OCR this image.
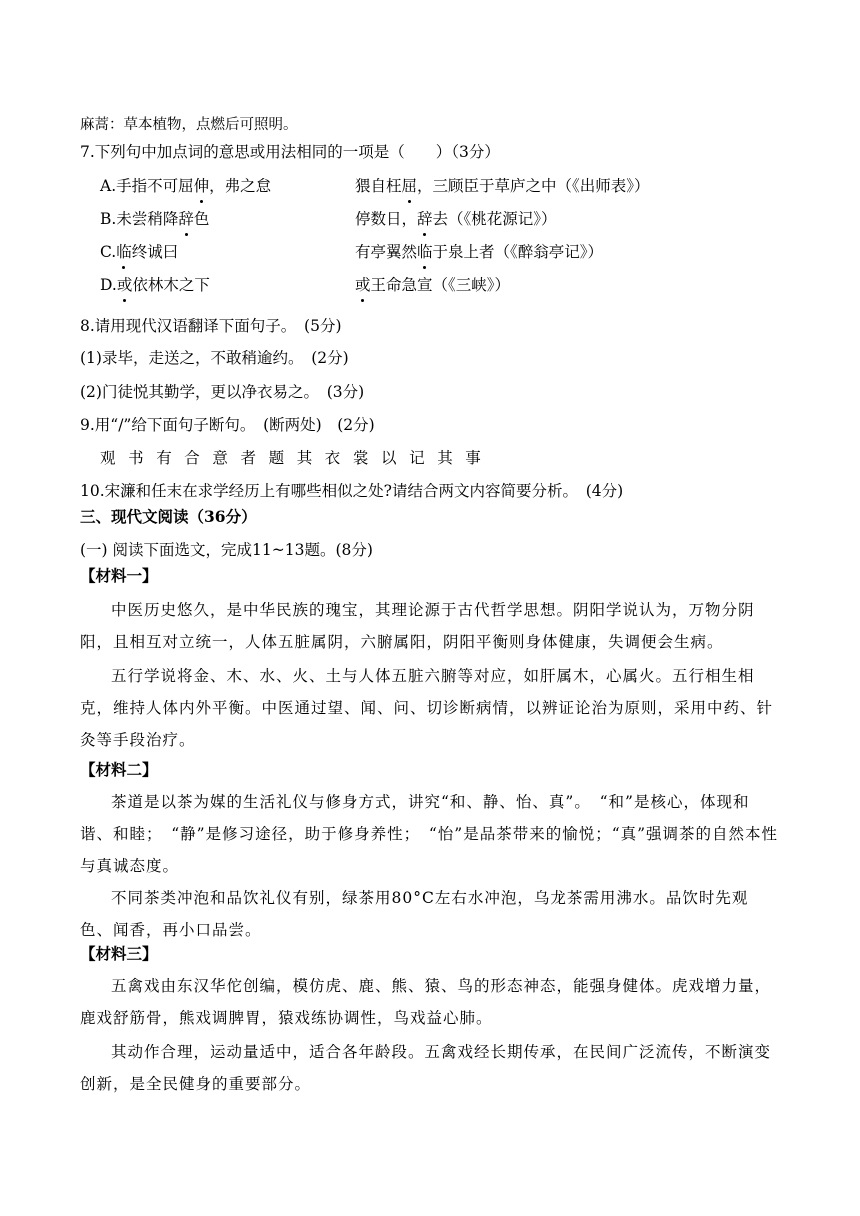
麻蒿：草本植物，点燃后可照明。
7.下列句中加点词的意思或用法相同的一项是（　　）（3分）
A.手指不可屈伸，弗之怠	猥自枉屈，三顾臣于草庐之中（《出师表》）
B.未尝稍降辞色	停数日，辞去（《桃花源记》）
C.临终诚曰	有亭翼然临于泉上者（《醉翁亭记》）
D.或依林木之下	或王命急宣（《三峡》）
8.请用现代汉语翻译下面句子。　(5分)
(1)录毕，走送之，不敢稍逾约。　(2分)
(2)门徒悦其勤学，更以净衣易之。　(3分)
9.用“/”给下面句子断句。　(断两处)　(2分)
观书有合意者题其衣裳以记其事
10.宋濂和任末在求学经历上有哪些相似之处?请结合两文内容简要分析。　(4分)
三、现代文阅读（36分）
(一) 阅读下面选文，完成11~13题。(8分)
【材料一】
中医历史悠久，是中华民族的瑰宝，其理论源于古代哲学思想。阴阳学说认为，万物分阴阳，且相互对立统一，人体五脏属阴，六腑属阳，阴阳平衡则身体健康，失调便会生病。
五行学说将金、木、水、火、土与人体五脏六腑等对应，如肝属木，心属火。五行相生相克，维持人体内外平衡。中医通过望、闻、问、切诊断病情，以辨证论治为原则，采用中药、针灸等手段治疗。
【材料二】
茶道是以茶为媒的生活礼仪与修身方式，讲究“和、静、怡、真”。　“和”是核心，体现和谐、和睦；　“静”是修习途径，助于修身养性；　“怡”是品茶带来的愉悦；“真”强调茶的自然本性与真诚态度。
不同茶类冲泡和品饮礼仪有别，绿茶用80°C左右水冲泡，乌龙茶需用沸水。品饮时先观色、闻香，再小口品尝。
【材料三】
五禽戏由东汉华佗创编，模仿虎、鹿、熊、猿、鸟的形态神态，能强身健体。虎戏增力量，鹿戏舒筋骨，熊戏调脾胃，猿戏练协调性，鸟戏益心肺。
其动作合理，运动量适中，适合各年龄段。五禽戏经长期传承，在民间广泛流传，不断演变创新，是全民健身的重要部分。
